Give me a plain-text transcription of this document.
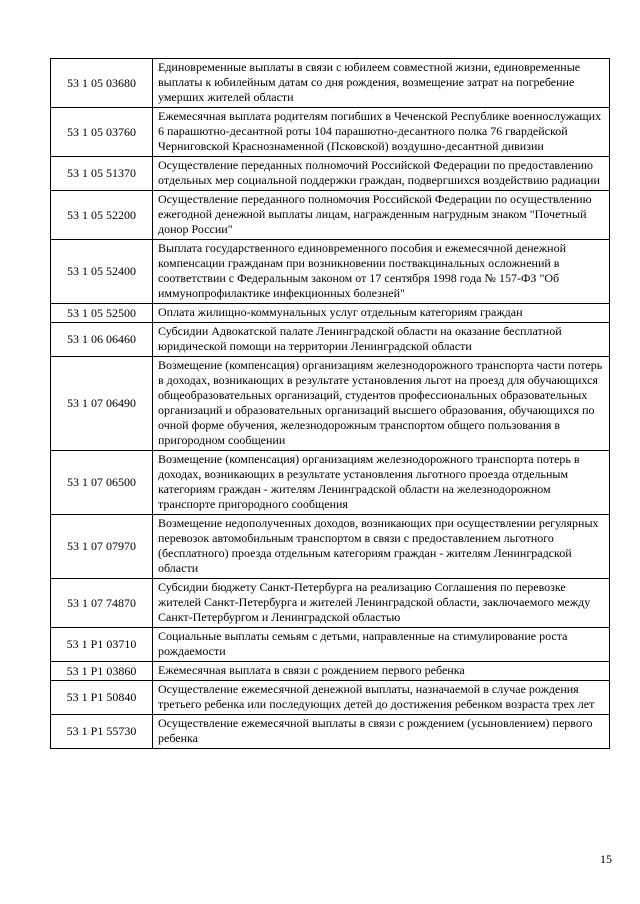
53 1 05 03680	Единовременные выплаты в связи с юбилеем совместной жизни, единовременные выплаты к юбилейным датам со дня рождения, возмещение затрат на погребение умерших жителей области
53 1 05 03760	Ежемесячная выплата родителям погибших в Чеченской Республике военнослужащих 6 парашютно-десантной роты 104 парашютно-десантного полка 76 гвардейской Черниговской Краснознаменной (Псковской) воздушно-десантной дивизии
53 1 05 51370	Осуществление переданных полномочий Российской Федерации по предоставлению отдельных мер социальной поддержки граждан, подвергшихся воздействию радиации
53 1 05 52200	Осуществление переданного полномочия Российской Федерации по осуществлению ежегодной денежной выплаты лицам, награжденным нагрудным знаком "Почетный донор России"
53 1 05 52400	Выплата государственного единовременного пособия и ежемесячной денежной компенсации гражданам при возникновении поствакцинальных осложнений в соответствии с Федеральным законом от 17 сентября 1998 года № 157-ФЗ "Об иммунопрофилактике инфекционных болезней"
53 1 05 52500	Оплата жилищно-коммунальных услуг отдельным категориям граждан
53 1 06 06460	Субсидии Адвокатской палате Ленинградской области на оказание бесплатной юридической помощи на территории Ленинградской области
53 1 07 06490	Возмещение (компенсация) организациям железнодорожного транспорта части потерь в доходах, возникающих в результате установления льгот на проезд для обучающихся общеобразовательных организаций, студентов профессиональных образовательных организаций и образовательных организаций высшего образования, обучающихся по очной форме обучения, железнодорожным транспортом общего пользования в пригородном сообщении
53 1 07 06500	Возмещение (компенсация) организациям железнодорожного транспорта потерь в доходах, возникающих в результате установления льготного проезда отдельным категориям граждан - жителям Ленинградской области на железнодорожном транспорте пригородного сообщения
53 1 07 07970	Возмещение недополученных доходов, возникающих при осуществлении регулярных перевозок автомобильным транспортом в связи с предоставлением льготного (бесплатного) проезда отдельным категориям граждан - жителям Ленинградской области
53 1 07 74870	Субсидии бюджету Санкт-Петербурга на реализацию Соглашения по перевозке жителей Санкт-Петербурга и жителей Ленинградской области, заключаемого между Санкт-Петербургом и Ленинградской областью
53 1 P1 03710	Социальные выплаты семьям с детьми, направленные на стимулирование роста рождаемости
53 1 P1 03860	Ежемесячная выплата в связи с рождением первого ребенка
53 1 P1 50840	Осуществление ежемесячной денежной выплаты, назначаемой в случае рождения третьего ребенка или последующих детей до достижения ребенком возраста трех лет
53 1 P1 55730	Осуществление ежемесячной выплаты в связи с рождением (усыновлением) первого ребенка
15
